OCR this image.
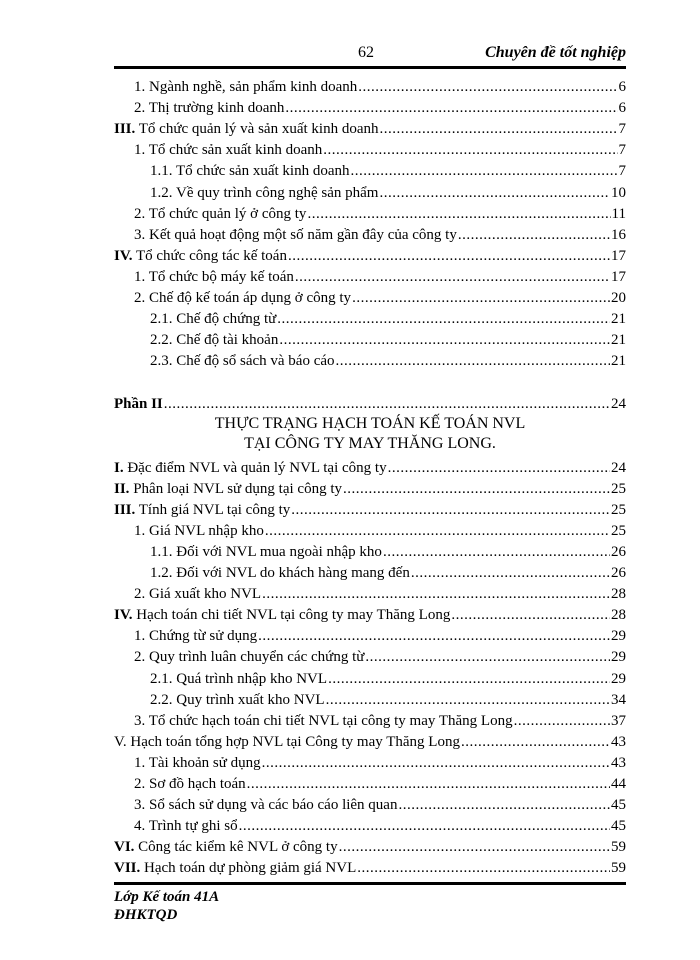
62	Chuyên đề tốt nghiệp
1. Ngành nghề, sản phẩm kinh doanh .....	6
2. Thị trường kinh doanh .....	6
III. Tổ chức quản lý và sản xuất kinh doanh .....	7
1. Tổ chức sản xuất kinh doanh .....	7
1.1. Tổ chức sản xuất kinh doanh .....	7
1.2. Về quy trình công nghệ sản phẩm .....	10
2. Tổ chức quản lý ở công ty .....	11
3. Kết quả hoạt động một số năm gần đây của công ty .....	16
IV. Tổ chức công tác kế toán .....	17
1. Tổ chức bộ máy kế toán .....	17
2. Chế độ kế toán áp dụng ở công ty .....	20
2.1. Chế độ chứng từ .....	21
2.2. Chế độ tài khoản .....	21
2.3. Chế độ sổ sách và báo cáo .....	21
Phần II .....	24
THỰC TRẠNG HẠCH TOÁN KẾ TOÁN NVL
TẠI CÔNG TY MAY THĂNG LONG.
I. Đặc điểm NVL và quản lý NVL tại công ty .....	24
II. Phân loại NVL sử dụng tại công ty .....	25
III. Tính giá NVL tại công ty .....	25
1. Giá NVL nhập kho .....	25
1.1. Đối với NVL mua ngoài nhập kho .....	26
1.2. Đối với NVL do khách hàng mang đến .....	26
2. Giá xuất kho NVL .....	28
IV. Hạch toán chi tiết NVL tại công ty may Thăng Long .....	28
1. Chứng từ sử dụng .....	29
2. Quy trình luân chuyển các chứng từ .....	29
2.1. Quá trình nhập kho NVL .....	29
2.2. Quy trình xuất kho NVL .....	34
3. Tổ chức hạch toán chi tiết NVL tại công ty may Thăng Long .....	37
V. Hạch toán tổng hợp NVL tại Công ty may Thăng Long .....	43
1. Tài khoản sử dụng .....	43
2. Sơ đồ hạch toán .....	44
3. Sổ sách sử dụng và các báo cáo liên quan .....	45
4. Trình tự ghi sổ .....	45
VI. Công tác kiểm kê NVL ở công ty .....	59
VII. Hạch toán dự phòng giảm giá NVL .....	59
Lớp Kế toán 41A
ĐHKTQD
